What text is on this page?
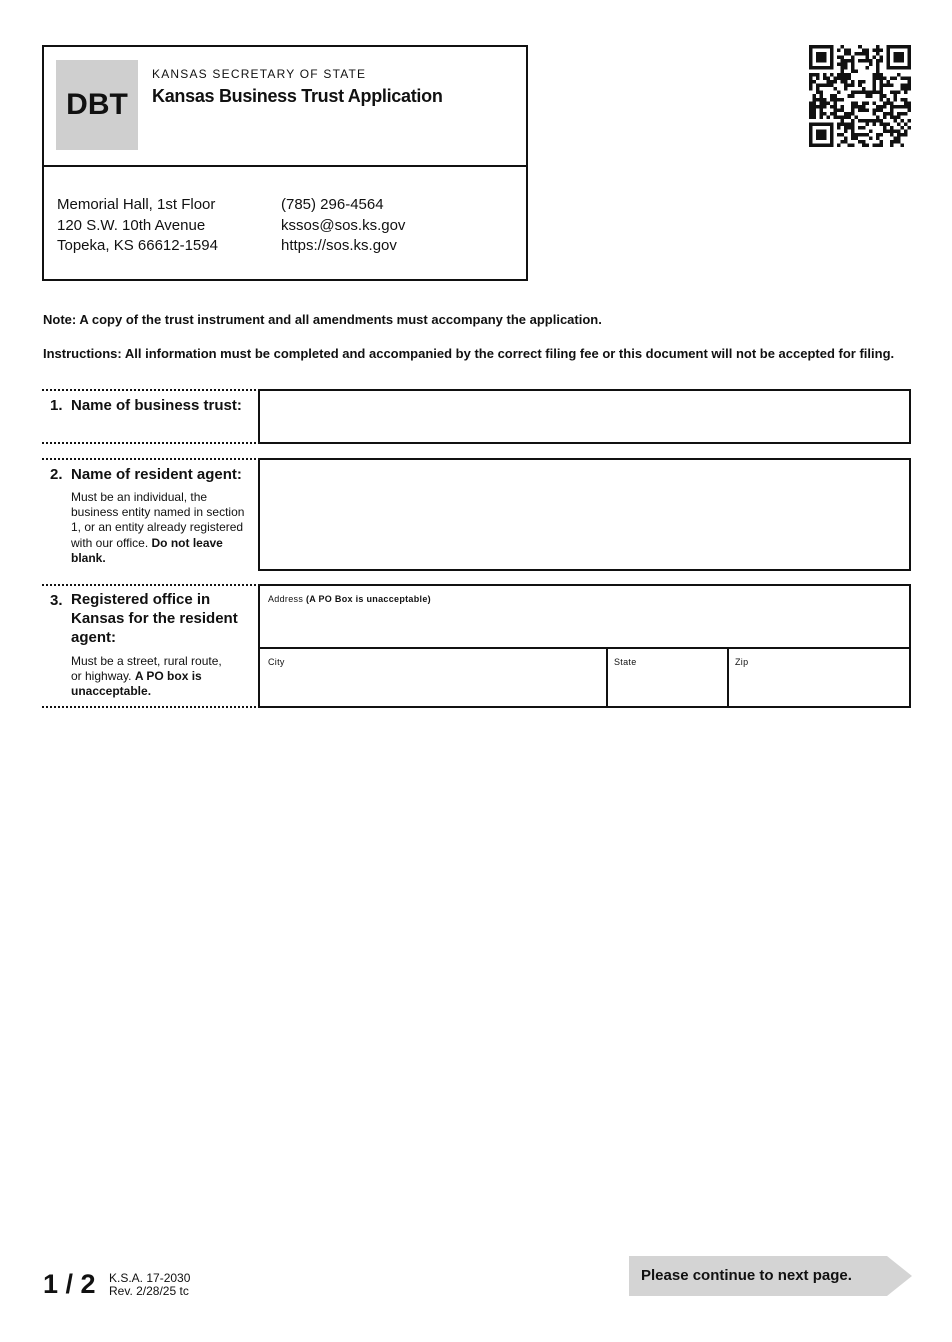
DBT
KANSAS SECRETARY OF STATE
Kansas Business Trust Application
Memorial Hall, 1st Floor
120 S.W. 10th Avenue
Topeka, KS 66612-1594
(785) 296-4564
kssos@sos.ks.gov
https://sos.ks.gov
Note: A copy of the trust instrument and all amendments must accompany the application.
Instructions: All information must be completed and accompanied by the correct filing fee or this document will not be accepted for filing.
1. Name of business trust:
2. Name of resident agent:
Must be an individual, the
business entity named in section
1, or an entity already registered
with our office. Do not leave
blank.
3. Registered office in
Kansas for the resident
agent:
Must be a street, rural route,
or highway. A PO box is
unacceptable.
Address (A PO Box is unacceptable)
City	State	Zip
1 / 2 K.S.A. 17-2030
Rev. 2/28/25 tc
Please continue to next page.
